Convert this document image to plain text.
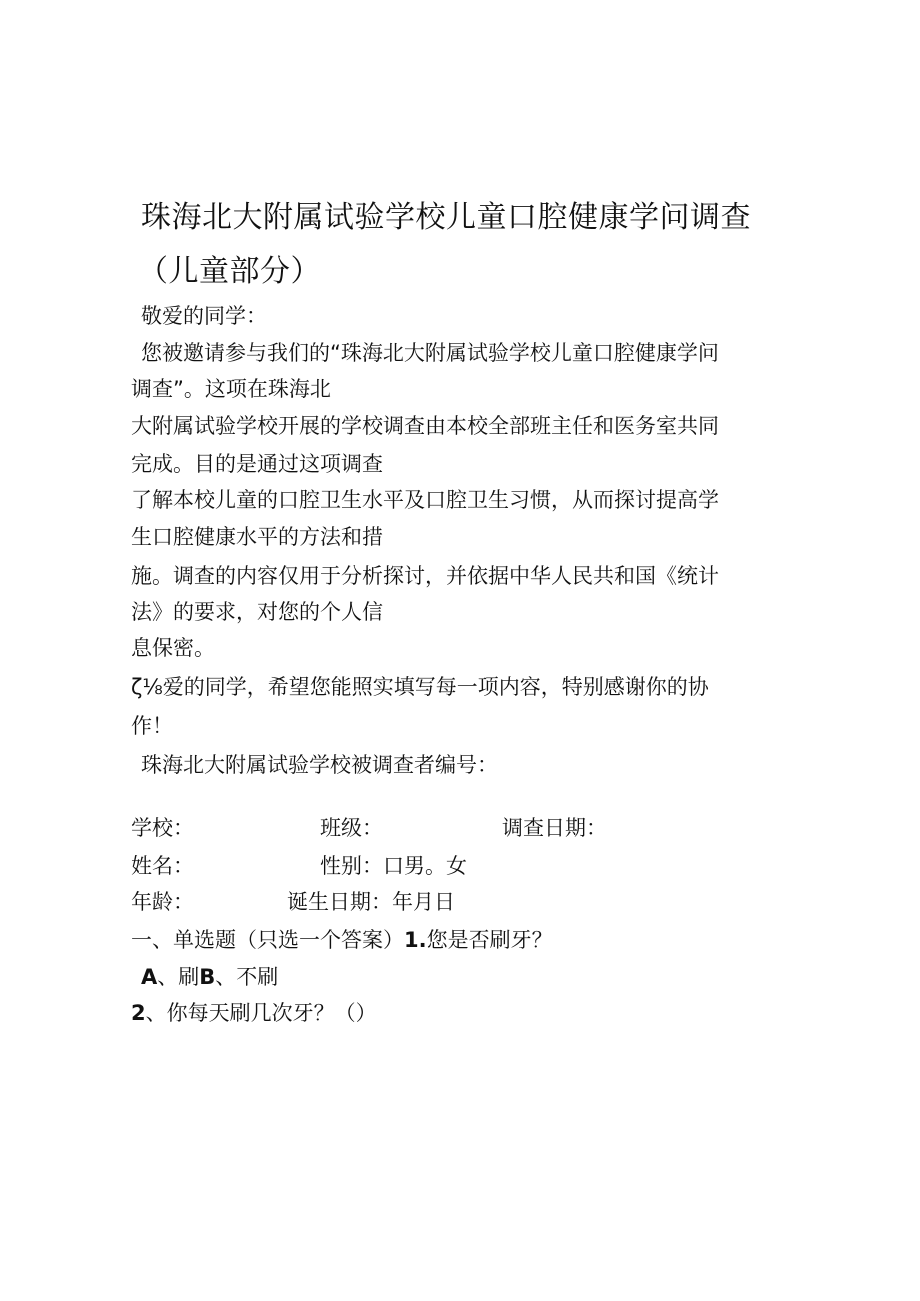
珠海北大附属试验学校儿童口腔健康学问调查
（儿童部分）
敬爱的同学：
您被邀请参与我们的“珠海北大附属试验学校儿童口腔健康学问
调查”。这项在珠海北
大附属试验学校开展的学校调查由本校全部班主任和医务室共同
完成。目的是通过这项调查
了解本校儿童的口腔卫生水平及口腔卫生习惯，从而探讨提高学
生口腔健康水平的方法和措
施。调查的内容仅用于分析探讨，并依据中华人民共和国《统计
法》的要求，对您的个人信
息保密。
ζ⅛爱的同学，希望您能照实填写每一项内容，特别感谢你的协
作！
珠海北大附属试验学校被调查者编号：
学校：	班级：	调查日期：
姓名：	性别：口男。女
年龄：	诞生日期：年月日
一、单选题（只选一个答案）1.您是否刷牙？
A、刷B、不刷
2、你每天刷几次牙？（）
